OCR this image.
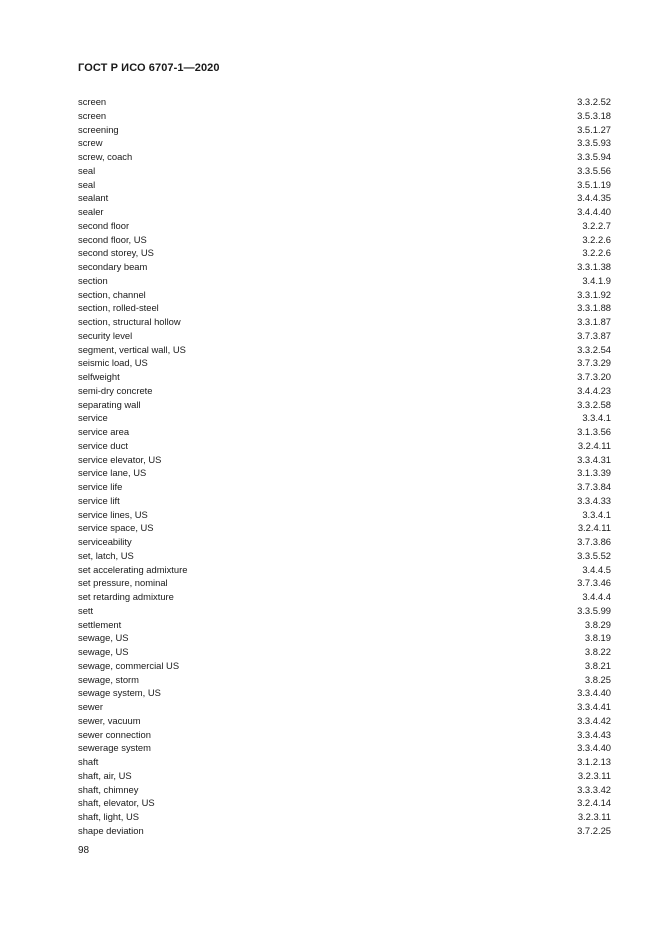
ГОСТ Р ИСО 6707-1—2020
screen	3.3.2.52
screen	3.5.3.18
screening	3.5.1.27
screw	3.3.5.93
screw, coach	3.3.5.94
seal	3.3.5.56
seal	3.5.1.19
sealant	3.4.4.35
sealer	3.4.4.40
second floor	3.2.2.7
second floor, US	3.2.2.6
second storey, US	3.2.2.6
secondary beam	3.3.1.38
section	3.4.1.9
section, channel	3.3.1.92
section, rolled-steel	3.3.1.88
section, structural hollow	3.3.1.87
security level	3.7.3.87
segment, vertical wall, US	3.3.2.54
seismic load, US	3.7.3.29
selfweight	3.7.3.20
semi-dry concrete	3.4.4.23
separating wall	3.3.2.58
service	3.3.4.1
service area	3.1.3.56
service duct	3.2.4.11
service elevator, US	3.3.4.31
service lane, US	3.1.3.39
service life	3.7.3.84
service lift	3.3.4.33
service lines, US	3.3.4.1
service space, US	3.2.4.11
serviceability	3.7.3.86
set, latch, US	3.3.5.52
set accelerating admixture	3.4.4.5
set pressure, nominal	3.7.3.46
set retarding admixture	3.4.4.4
sett	3.3.5.99
settlement	3.8.29
sewage, US	3.8.19
sewage, US	3.8.22
sewage, commercial US	3.8.21
sewage, storm	3.8.25
sewage system, US	3.3.4.40
sewer	3.3.4.41
sewer, vacuum	3.3.4.42
sewer connection	3.3.4.43
sewerage system	3.3.4.40
shaft	3.1.2.13
shaft, air, US	3.2.3.11
shaft, chimney	3.3.3.42
shaft, elevator, US	3.2.4.14
shaft, light, US	3.2.3.11
shape deviation	3.7.2.25
98
